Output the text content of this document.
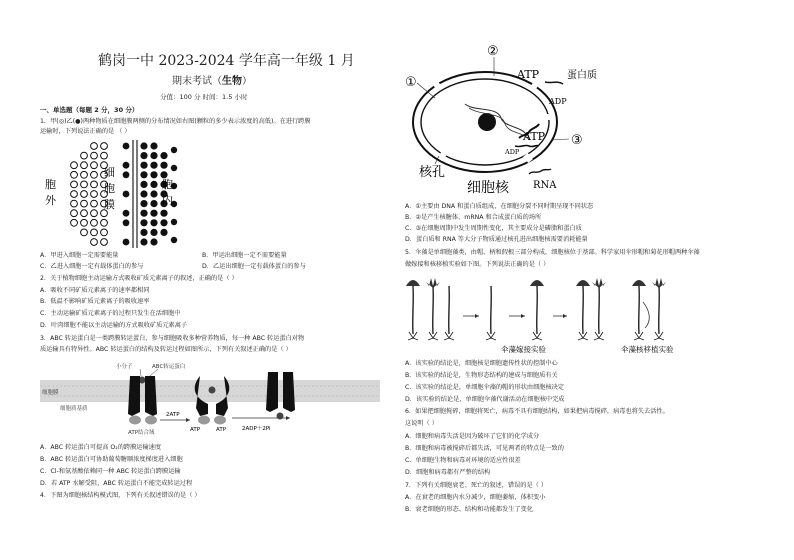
鹤岗一中 2023-2024 学年高一年级 1 月
期末考试（生物）
分值：100 分 时间：1.5 小时
一、单选题（每题 2 分，30 分）
1．甲(◎)乙(●)两种物质在细胞膜两侧的分布情况如右图(颗粒的多少表示浓度的高低)。在进行跨膜
运输时，下列说法正确的是 （ ）
胞
外
细
胞
膜
胞
内
A．甲进入细胞一定需要能量	B．甲运出细胞一定不需要能量
C．乙进入细胞一定有载体蛋白的参与	D．乙运出细胞一定有载体蛋白的参与
2．关于植物细胞主动运输方式吸收矿质元素离子的叙述，正确的是（ ）
A．吸收不同矿质元素离子的速率都相同
B．低温不影响矿质元素离子的吸收速率
C．主动运输矿质元素离子的过程只发生在活细胞中
D．叶肉细胞不能以主动运输的方式吸收矿质元素离子
3．ABC 转运蛋白是一类跨膜转运蛋白，参与细胞吸收多种营养物质，每一种 ABC 转运蛋白对物
质运输具有特异性。ABC 转运蛋白的结构及转运过程如图所示，下列有关叙述正确的是（ ）
细胞膜
细胞质基质
小分子	ABC转运蛋白
ATP结合域
2ATP
ATP	ATP	2ADP＋2Pi
A．ABC 转运蛋白可提高 O₂的跨膜运输速度
B．ABC 转运蛋白可协助葡萄糖顺浓度梯度进入细胞
C．Cl-和氨基酸依赖同一种 ABC 转运蛋白跨膜运输
D．若 ATP 水解受阻，ABC 转运蛋白不能完成转运过程
4．下图为细胞核结构模式图，下列有关叙述错误的是（ ）
①
②
ATP	蛋白质
ADP
ATP
ADP
③
核孔
细胞核 RNA
A．①主要由 DNA 和蛋白质组成，在细胞分裂不同时期呈现不同状态
B．②是产生核糖体、mRNA 和合成蛋白质的场所
C．③在细胞周期中发生周期性变化，其主要成分是磷脂和蛋白质
D．蛋白质和 RNA 等大分子物质通过核孔进出细胞核需要消耗能量
5．伞藻是单细胞藻类，由帽、柄和假根三部分构成，细胞核位于基部。科学家用伞形帽和菊花形帽两种伞藻
做嫁接和核移植实验如下图。下列说法正确的是（ ）
伞藻嫁接实验	伞藻核移植实验
A．该实验的结论是，细胞核是细胞遗传性状的控制中心
B．该实验的结论是，生物形态结构的建成与细胞质有关
C．该实验的结论是，单细胞伞藻的帽的形状由细胞核决定
D．该实验的结论是，单细胞伞藻代谢活动在细胞核中完成
6．如果把细胞搅碎，细胞将死亡，病毒不具有细胞结构，如果把病毒搅碎，病毒也将失去活性。
这说明（ ）
A．细胞和病毒失活是因为破坏了它们的化学成分
B．细胞和病毒被搅碎后都失活，可见两者的特点是一致的
C．单细胞生物和病毒对环境的适应性很差
D．细胞和病毒都有严整的结构
7．下列有关细胞衰老、死亡的叙述，错误的是（ ）
A．在衰老的细胞内水分减少，细胞萎缩，体积变小
B．衰老细胞的形态、结构和功能都发生了变化
